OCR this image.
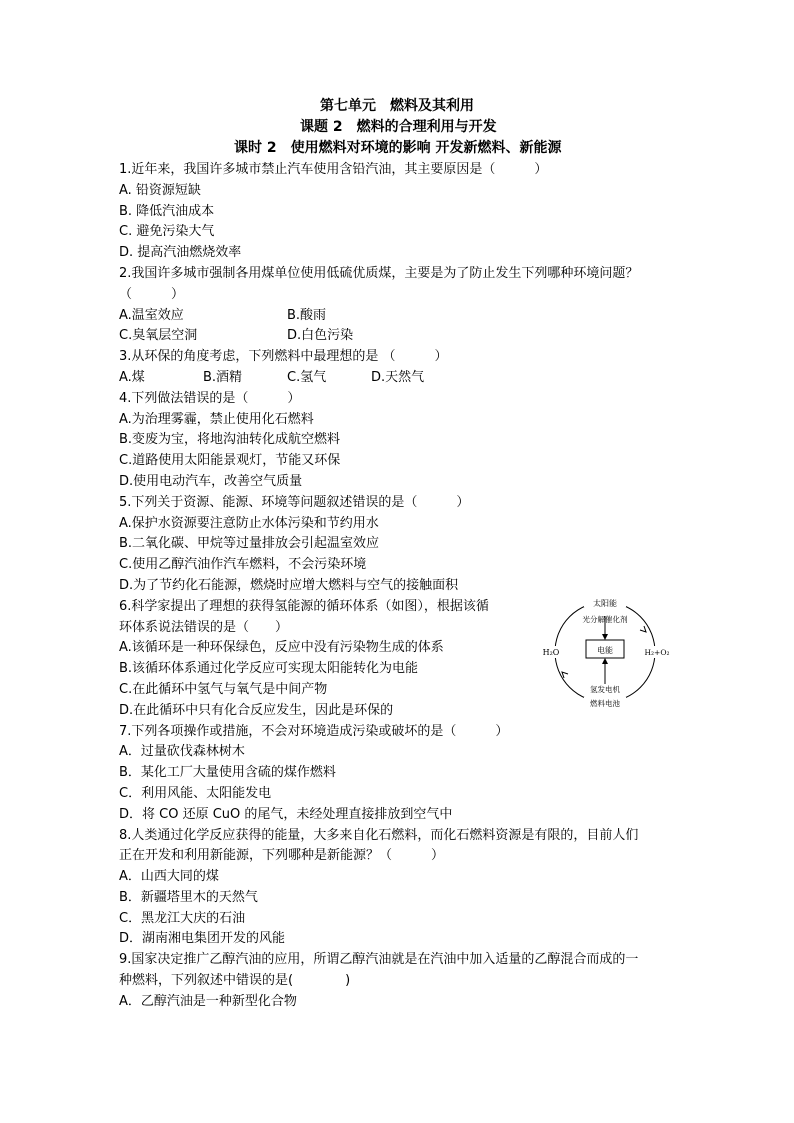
第七单元　燃料及其利用
课题 2　燃料的合理利用与开发
课时 2　使用燃料对环境的影响 开发新燃料、新能源
1.近年来，我国许多城市禁止汽车使用含铅汽油，其主要原因是（　　　）
A. 铅资源短缺
B. 降低汽油成本
C. 避免污染大气
D. 提高汽油燃烧效率
2.我国许多城市强制各用煤单位使用低硫优质煤，主要是为了防止发生下列哪种环境问题？
（　　　）
A.温室效应	B.酸雨
C.臭氧层空洞	D.白色污染
3.从环保的角度考虑，下列燃料中最理想的是 （　　　）
A.煤	B.酒精	C.氢气	D.天然气
4.下列做法错误的是（　　　）
A.为治理雾霾，禁止使用化石燃料
B.变废为宝，将地沟油转化成航空燃料
C.道路使用太阳能景观灯，节能又环保
D.使用电动汽车，改善空气质量
5.下列关于资源、能源、环境等问题叙述错误的是（　　　）
A.保护水资源要注意防止水体污染和节约用水
B.二氧化碳、甲烷等过量排放会引起温室效应
C.使用乙醇汽油作汽车燃料，不会污染环境
D.为了节约化石能源，燃烧时应增大燃料与空气的接触面积
6.科学家提出了理想的获得氢能源的循环体系（如图），根据该循
环体系说法错误的是（　　）
A.该循环是一种环保绿色，反应中没有污染物生成的体系
B.该循环体系通过化学反应可实现太阳能转化为电能
C.在此循环中氢气与氧气是中间产物
D.在此循环中只有化合反应发生，因此是环保的
7.下列各项操作或措施，不会对环境造成污染或破坏的是（　　　）
A．过量砍伐森林树木
B．某化工厂大量使用含硫的煤作燃料
C．利用风能、太阳能发电
D．将 CO 还原 CuO 的尾气，未经处理直接排放到空气中
8.人类通过化学反应获得的能量，大多来自化石燃料，而化石燃料资源是有限的，目前人们
正在开发和利用新能源，下列哪种是新能源？（　　　）
A．山西大同的煤
B．新疆塔里木的天然气
C．黑龙江大庆的石油
D．湖南湘电集团开发的风能
9.国家决定推广乙醇汽油的应用，所谓乙醇汽油就是在汽油中加入适量的乙醇混合而成的一
种燃料，下列叙述中错误的是(　　　　)
A．乙醇汽油是一种新型化合物
太阳能
光分解催化剂
H₂O	电能	H₂+O₂
氢发电机
燃料电池
